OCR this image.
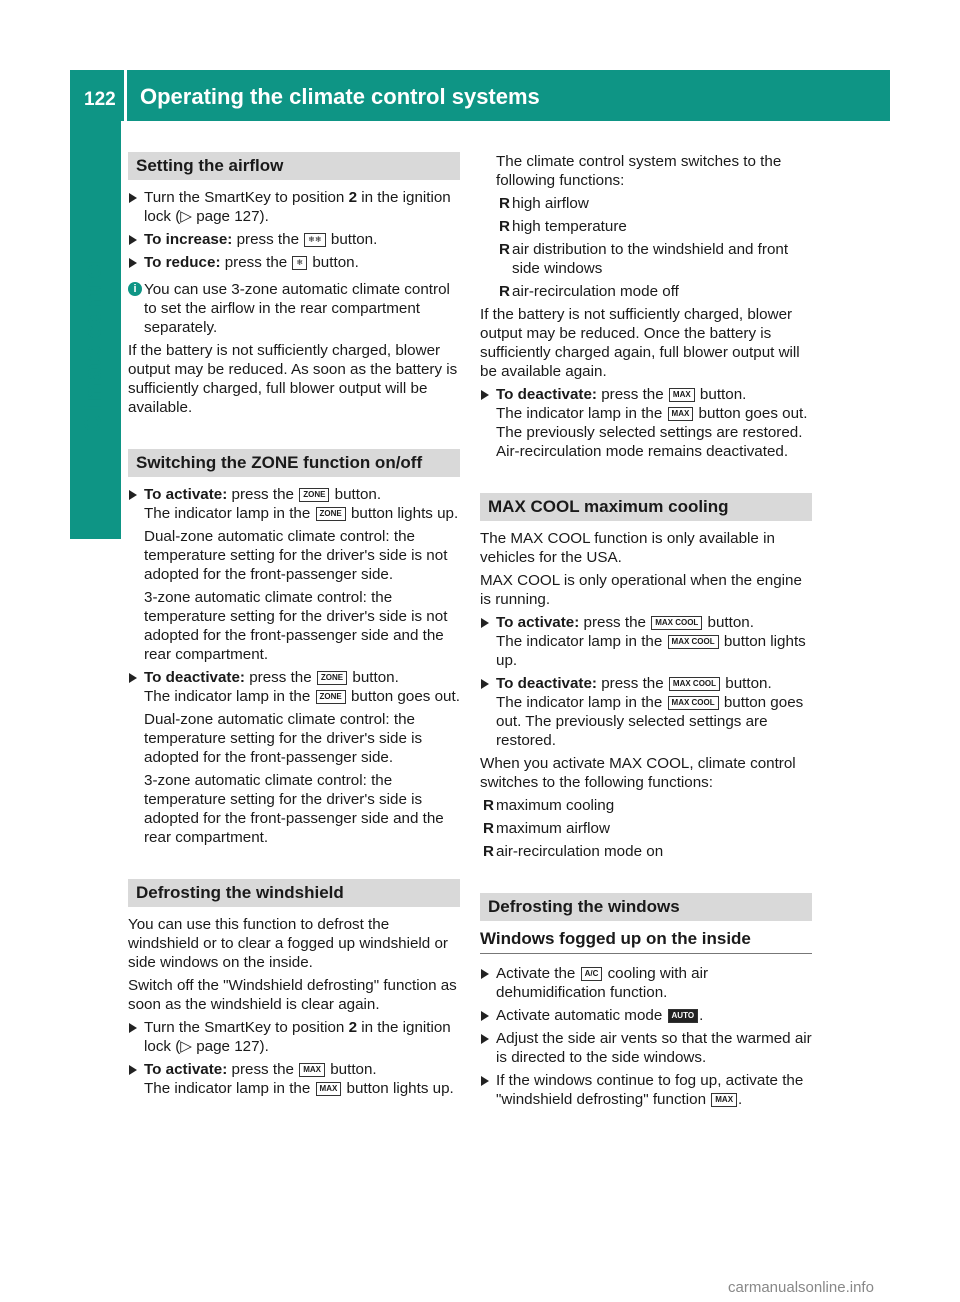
122 Operating the climate control systems
Climate control
Setting the airflow
Turn the SmartKey to position 2 in the ignition lock (▷ page 127).
To increase: press the ❄❄ button.
To reduce: press the ❄ button.
i You can use 3-zone automatic climate control to set the airflow in the rear compartment separately.

If the battery is not sufficiently charged, blower output may be reduced. As soon as the battery is sufficiently charged, full blower output will be available.

Switching the ZONE function on/off
To activate: press the ZONE button.
The indicator lamp in the ZONE button lights up.
Dual-zone automatic climate control: the temperature setting for the driver's side is not adopted for the front-passenger side.
3-zone automatic climate control: the temperature setting for the driver's side is not adopted for the front-passenger side and the rear compartment.
To deactivate: press the ZONE button.
The indicator lamp in the ZONE button goes out.
Dual-zone automatic climate control: the temperature setting for the driver's side is adopted for the front-passenger side.
3-zone automatic climate control: the temperature setting for the driver's side is adopted for the front-passenger side and the rear compartment.
Defrosting the windshield

You can use this function to defrost the windshield or to clear a fogged up windshield or side windows on the inside.

Switch off the "Windshield defrosting" function as soon as the windshield is clear again.

Turn the SmartKey to position 2 in the ignition lock (▷ page 127).
To activate: press the MAX button.
The indicator lamp in the MAX button lights up.

The climate control system switches to the following functions:

R high airflow
R high temperature
R air distribution to the windshield and front side windows
R air-recirculation mode off

If the battery is not sufficiently charged, blower output may be reduced. Once the battery is sufficiently charged again, full blower output will be available again.

To deactivate: press the MAX button.
The indicator lamp in the MAX button goes out. The previously selected settings are restored. Air-recirculation mode remains deactivated.
MAX COOL maximum cooling

The MAX COOL function is only available in vehicles for the USA.

MAX COOL is only operational when the engine is running.

To activate: press the MAX COOL button.
The indicator lamp in the MAX COOL button lights up.
To deactivate: press the MAX COOL button.
The indicator lamp in the MAX COOL button goes out. The previously selected settings are restored.

When you activate MAX COOL, climate control switches to the following functions:

R maximum cooling
R maximum airflow
R air-recirculation mode on
Defrosting the windows
Windows fogged up on the inside
Activate the A/C cooling with air dehumidification function.
Activate automatic mode AUTO .
Adjust the side air vents so that the warmed air is directed to the side windows.
If the windows continue to fog up, activate the "windshield defrosting" function MAX .
carmanualsonline.info
